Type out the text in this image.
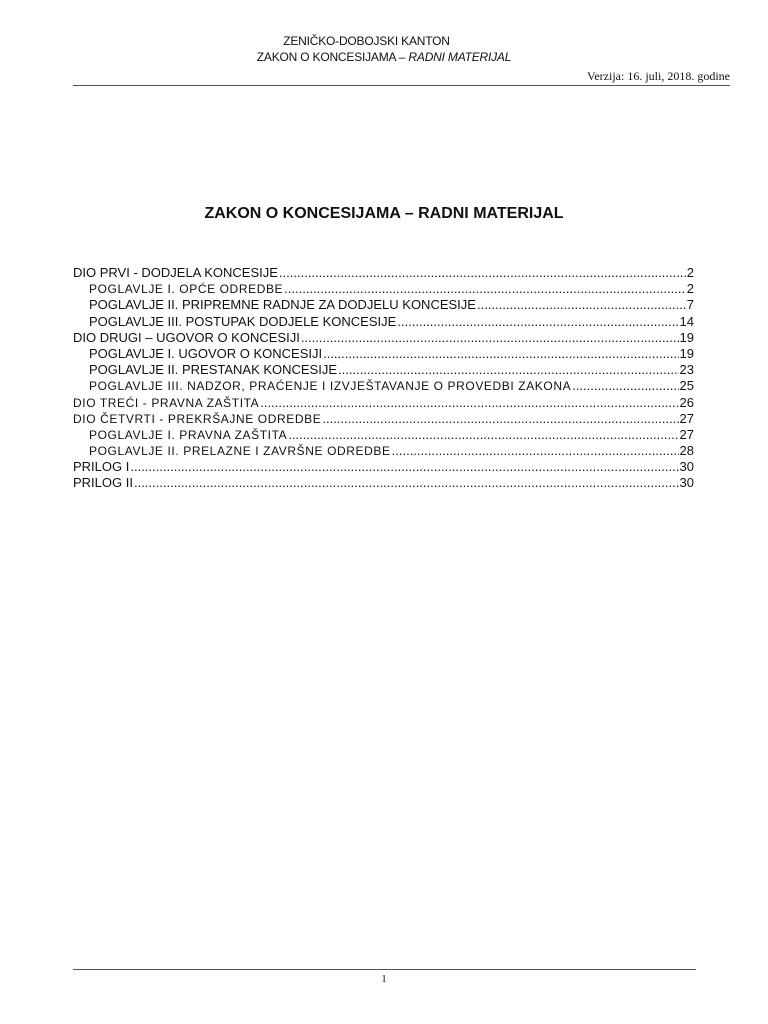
ZENIČKO-DOBOJSKI KANTON
ZAKON O KONCESIJAMA – RADNI MATERIJAL
Verzija: 16. juli, 2018. godine
ZAKON O KONCESIJAMA – RADNI MATERIJAL
DIO PRVI - DODJELA KONCESIJE .....	2
POGLAVLJE I. OPĆE ODREDBE .....	2
POGLAVLJE II. PRIPREMNE RADNJE ZA DODJELU KONCESIJE .....	7
POGLAVLJE III. POSTUPAK DODJELE KONCESIJE .....	14
DIO DRUGI – UGOVOR O KONCESIJI .....	19
POGLAVLJE I. UGOVOR O KONCESIJI .....	19
POGLAVLJE II. PRESTANAK KONCESIJE .....	23
POGLAVLJE III. NADZOR, PRAĆENJE I IZVJEŠTAVANJE O PROVEDBI ZAKONA .....	25
DIO TREĆI - PRAVNA ZAŠTITA .....	26
DIO ČETVRTI - PREKRŠAJNE ODREDBE .....	27
POGLAVLJE I. PRAVNA ZAŠTITA .....	27
POGLAVLJE II. PRELAZNE I ZAVRŠNE ODREDBE .....	28
PRILOG I .....	30
PRILOG II .....	30
1
